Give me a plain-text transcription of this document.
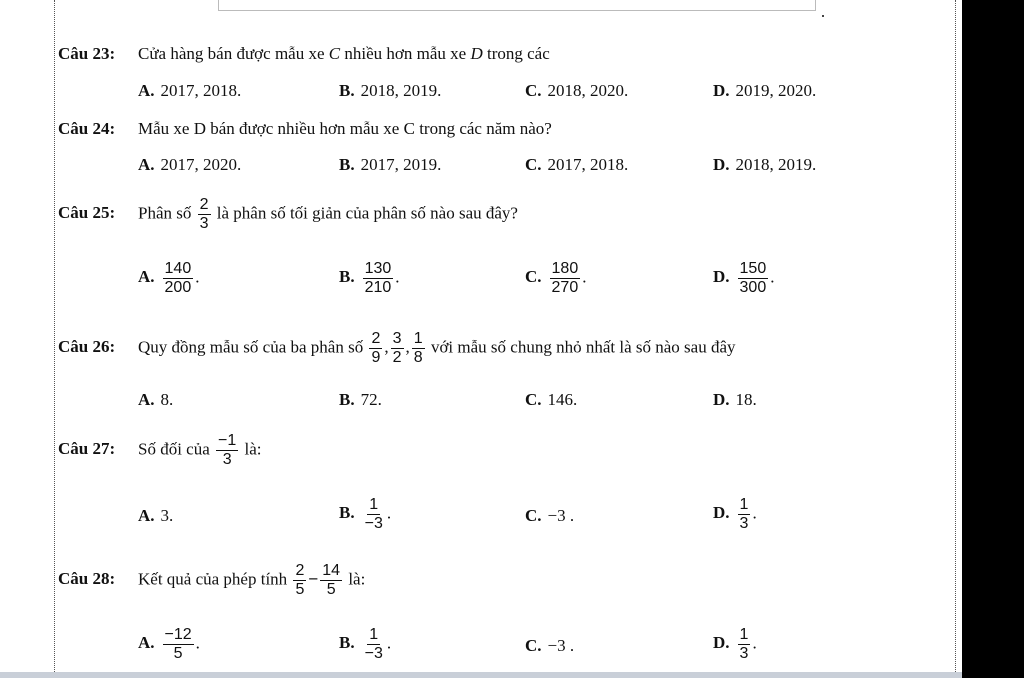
Câu 23: Cửa hàng bán được mẫu xe C nhiều hơn mẫu xe D trong các
A. 2017, 2018.	B. 2018, 2019.	C. 2018, 2020.	D. 2019, 2020.
Câu 24: Mẫu xe D bán được nhiều hơn mẫu xe C trong các năm nào?
A. 2017, 2020.	B. 2017, 2019.	C. 2017, 2018.	D. 2018, 2019.
Câu 25: Phân số $\frac{2}{3}$ là phân số tối giản của phân số nào sau đây?
A. $\frac{140}{200}$ .	B. $\frac{130}{210}$ .	C. $\frac{180}{270}$ .	D. $\frac{150}{300}$ .
Câu 26: Quy đồng mẫu số của ba phân số $\frac{2}{9}$ , $\frac{3}{2}$ , $\frac{1}{8}$ với mẫu số chung nhỏ nhất là số nào sau đây
A. 8.	B. 72.	C. 146.	D. 18.
Câu 27: Số đối của $\frac{-1}{3}$ là:
A. 3.	B. $\frac{1}{-3}$ .	C. −3 .	D. $\frac{1}{3}$ .
Câu 28: Kết quả của phép tính $\frac{2}{5} - \frac{14}{5}$ là:
A. $\frac{-12}{5}$ .	B. $\frac{1}{-3}$ .	C. −3 .	D. $\frac{1}{3}$ .
